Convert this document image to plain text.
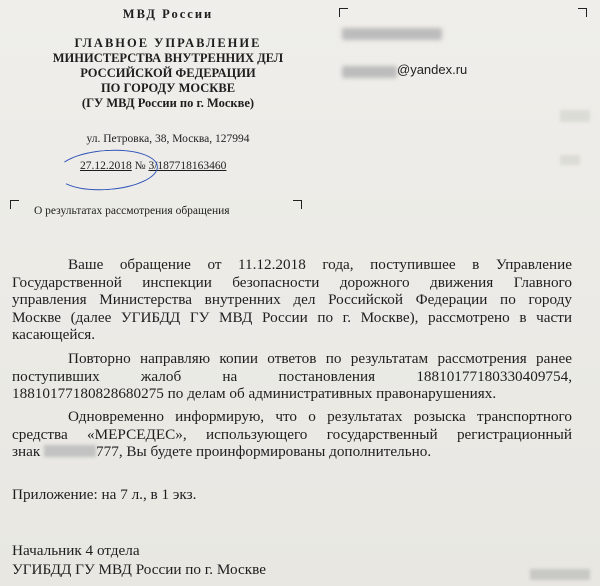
МВД России
ГЛАВНОЕ УПРАВЛЕНИЕ
МИНИСТЕРСТВА ВНУТРЕННИХ ДЕЛ
РОССИЙСКОЙ ФЕДЕРАЦИИ
ПО ГОРОДУ МОСКВЕ
(ГУ МВД России по г. Москве)
ул. Петровка, 38, Москва, 127994
27.12.2018 № 3/187718163460
@yandex.ru
О результатах рассмотрения обращения
Ваше обращение от 11.12.2018 года, поступившее в Управление
Государственной инспекции безопасности дорожного движения Главного
управления Министерства внутренних дел Российской Федерации по городу
Москве (далее УГИБДД ГУ МВД России по г. Москве), рассмотрено в части
касающейся.
Повторно направляю копии ответов по результатам рассмотрения ранее
поступивших жалоб на постановления 18810177180330409754,
18810177180828680275 по делам об административных правонарушениях.
Одновременно информирую, что о результатах розыска транспортного
средства «МЕРСЕДЕС», использующего государственный регистрационный
знак	777, Вы будете проинформированы дополнительно.
Приложение: на 7 л., в 1 экз.
Начальник 4 отдела
УГИБДД ГУ МВД России по г. Москве
